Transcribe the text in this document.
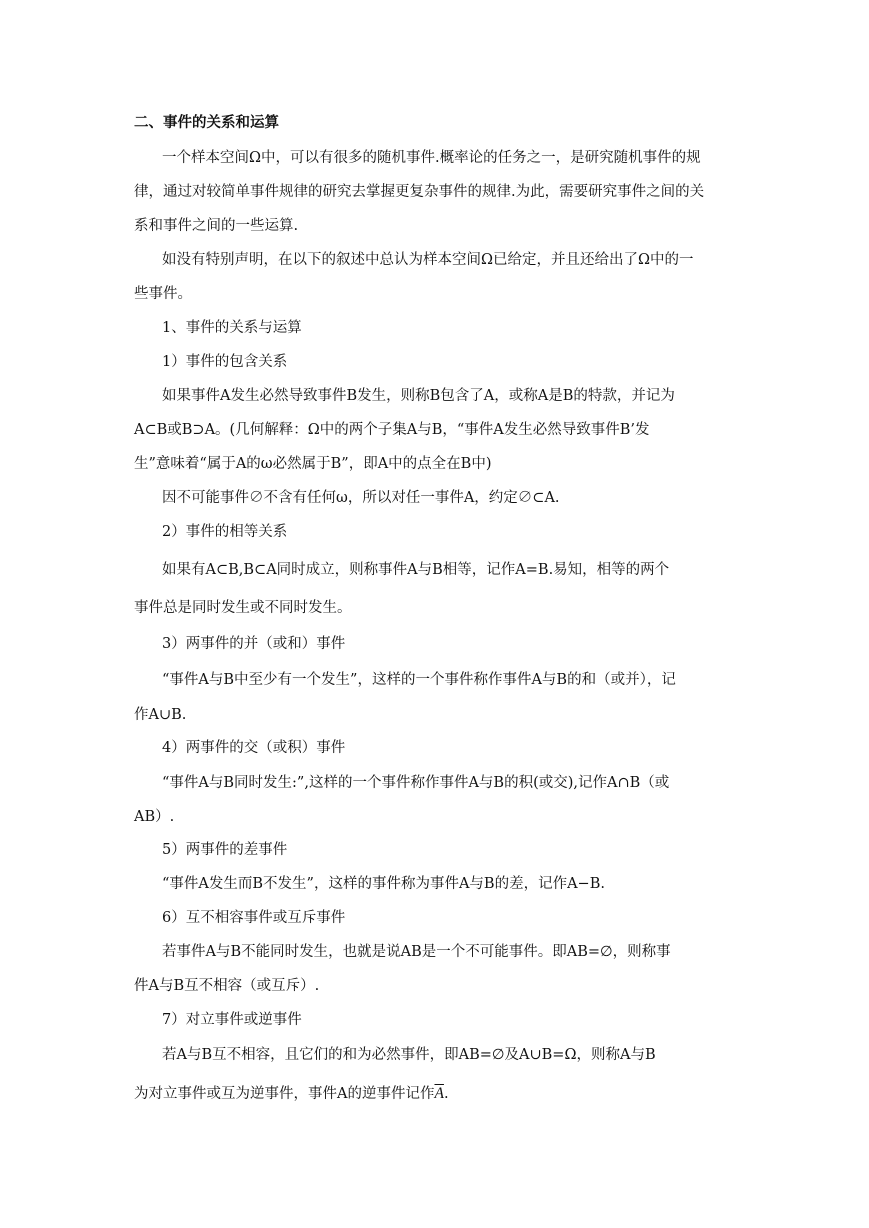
二、事件的关系和运算
一个样本空间Ω中，可以有很多的随机事件.概率论的任务之一，是研究随机事件的规
律，通过对较简单事件规律的研究去掌握更复杂事件的规律.为此，需要研究事件之间的关
系和事件之间的一些运算.
如没有特别声明，在以下的叙述中总认为样本空间Ω已给定，并且还给出了Ω中的一
些事件。
1、事件的关系与运算
1）事件的包含关系
如果事件A发生必然导致事件B发生，则称B包含了A，或称A是B的特款，并记为
A⊂B或B⊃A。(几何解释：Ω中的两个子集A与B，“事件A发生必然导致事件B’发
生”意味着“属于A的ω必然属于B”，即A中的点全在B中)
因不可能事件∅不含有任何ω，所以对任一事件A，约定∅⊂A.
2）事件的相等关系
如果有A⊂B,B⊂A同时成立，则称事件A与B相等，记作A=B.易知，相等的两个
事件总是同时发生或不同时发生。
3）两事件的并（或和）事件
“事件A与B中至少有一个发生”，这样的一个事件称作事件A与B的和（或并），记
作A∪B.
4）两事件的交（或积）事件
“事件A与B同时发生:”,这样的一个事件称作事件A与B的积(或交),记作A∩B（或
AB）.
5）两事件的差事件
“事件A发生而B不发生”，这样的事件称为事件A与B的差，记作A−B.
6）互不相容事件或互斥事件
若事件A与B不能同时发生，也就是说AB是一个不可能事件。即AB=∅，则称事
件A与B互不相容（或互斥）.
7）对立事件或逆事件
若A与B互不相容，且它们的和为必然事件，即AB=∅及A∪B=Ω，则称A与B
为对立事件或互为逆事件，事件A的逆事件记作$\overline{A}$.
